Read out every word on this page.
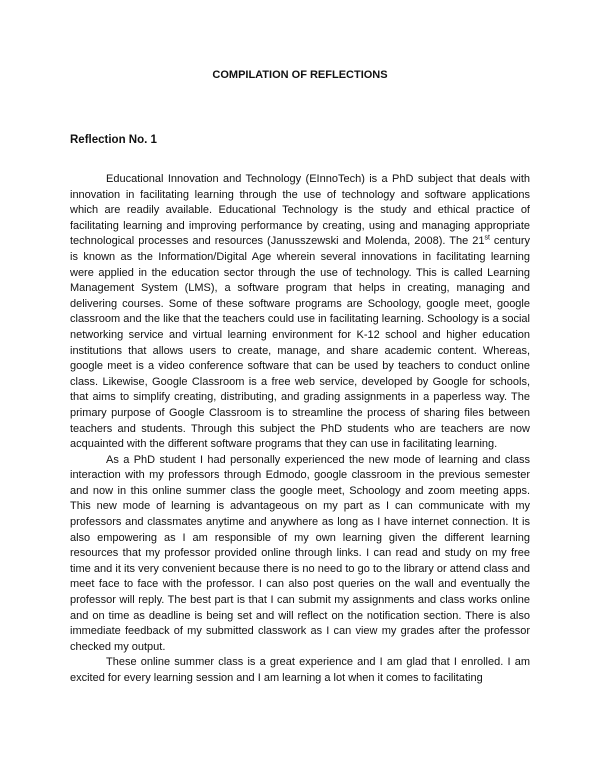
COMPILATION OF REFLECTIONS
Reflection No. 1

Educational Innovation and Technology (EInnoTech) is a PhD subject that deals with innovation in facilitating learning through the use of technology and software applications which are readily available. Educational Technology is the study and ethical practice of facilitating learning and improving performance by creating, using and managing appropriate technological processes and resources (Janusszewski and Molenda, 2008). The 21st century is known as the Information/Digital Age wherein several innovations in facilitating learning were applied in the education sector through the use of technology. This is called Learning Management System (LMS), a software program that helps in creating, managing and delivering courses. Some of these software programs are Schoology, google meet, google classroom and the like that the teachers could use in facilitating learning. Schoology is a social networking service and virtual learning environment for K-12 school and higher education institutions that allows users to create, manage, and share academic content. Whereas, google meet is a video conference software that can be used by teachers to conduct online class. Likewise, Google Classroom is a free web service, developed by Google for schools, that aims to simplify creating, distributing, and grading assignments in a paperless way. The primary purpose of Google Classroom is to streamline the process of sharing files between teachers and students. Through this subject the PhD students who are teachers are now acquainted with the different software programs that they can use in facilitating learning.

As a PhD student I had personally experienced the new mode of learning and class interaction with my professors through Edmodo, google classroom in the previous semester and now in this online summer class the google meet, Schoology and zoom meeting apps. This new mode of learning is advantageous on my part as I can communicate with my professors and classmates anytime and anywhere as long as I have internet connection. It is also empowering as I am responsible of my own learning given the different learning resources that my professor provided online through links. I can read and study on my free time and it its very convenient because there is no need to go to the library or attend class and meet face to face with the professor. I can also post queries on the wall and eventually the professor will reply. The best part is that I can submit my assignments and class works online and on time as deadline is being set and will reflect on the notification section. There is also immediate feedback of my submitted classwork as I can view my grades after the professor checked my output.

These online summer class is a great experience and I am glad that I enrolled. I am excited for every learning session and I am learning a lot when it comes to facilitating
